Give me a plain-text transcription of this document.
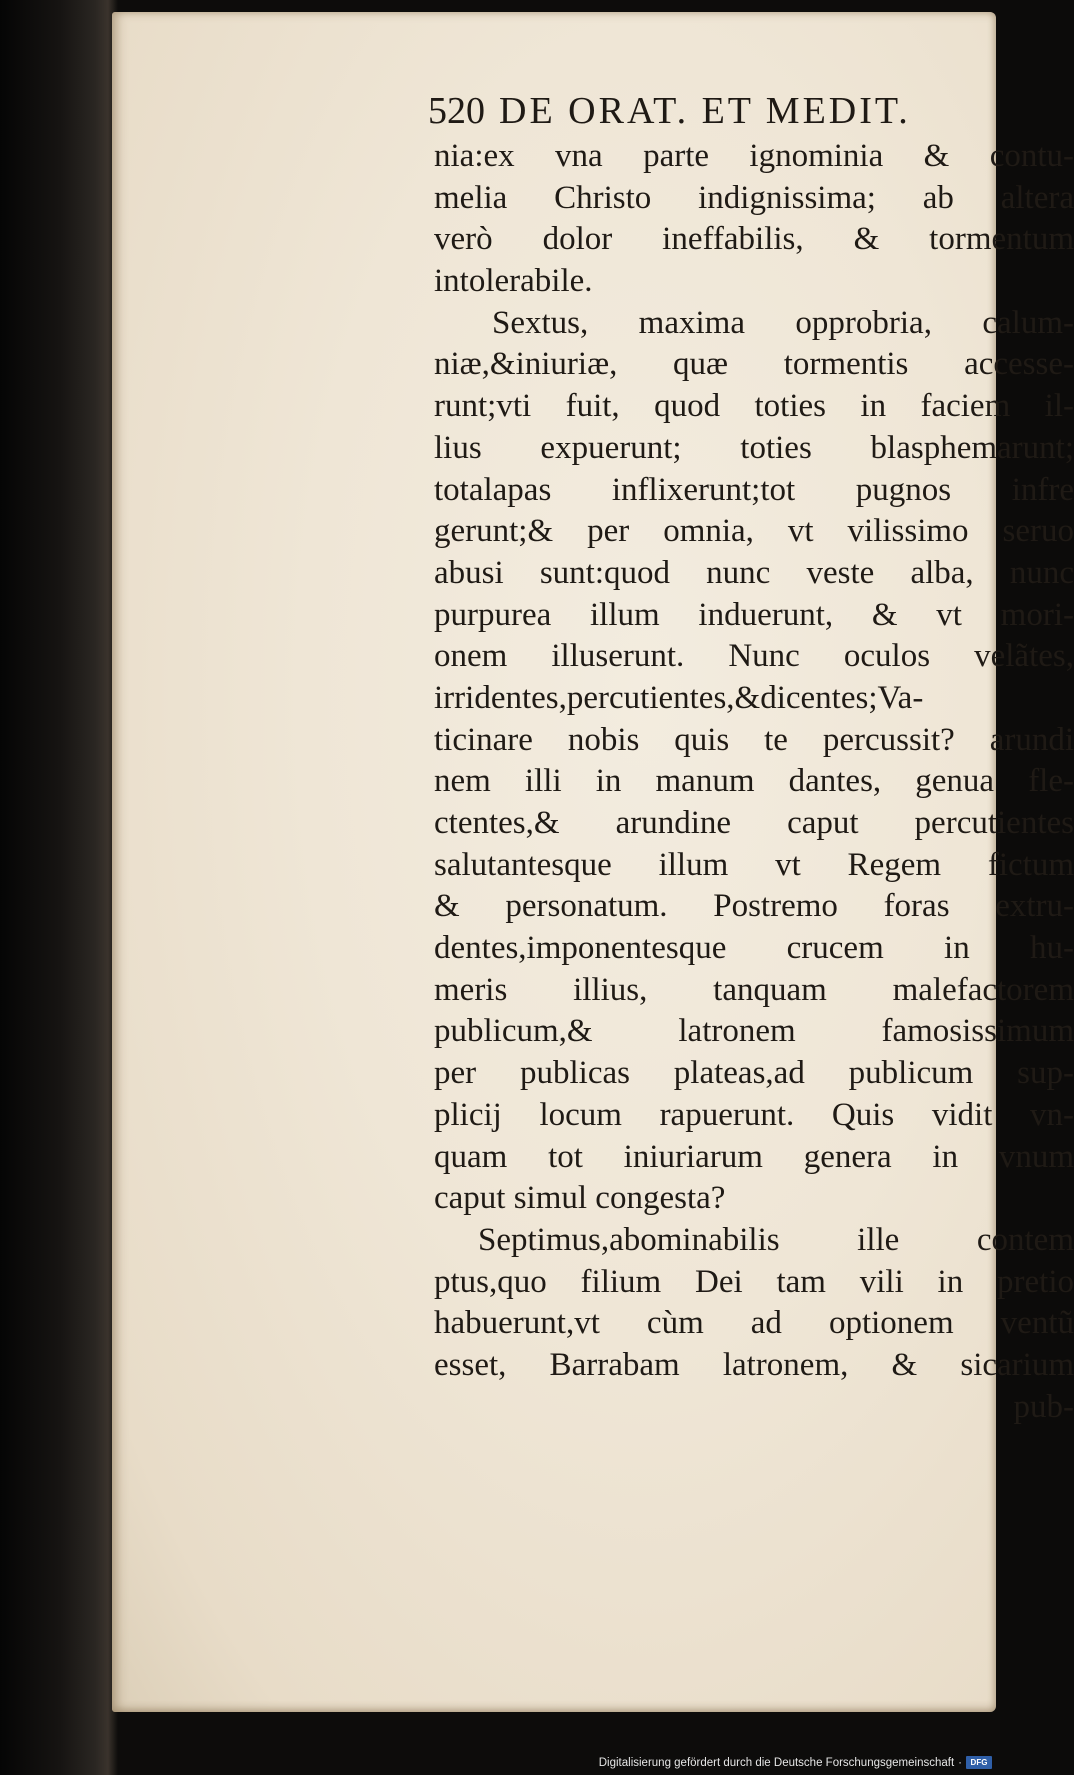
520 DE ORAT. ET MEDIT.
nia:ex vna parte ignominia & contu-
melia Christo indignissima; ab altera
verò dolor ineffabilis, & tormentum
intolerabile.
Sextus, maxima opprobria, calum-
niæ,&iniuriæ, quæ tormentis accesse-
runt;vti fuit, quod toties in faciem il-
lius expuerunt; toties blasphemarunt;
totalapas inflixerunt;tot pugnos infre
gerunt;& per omnia, vt vilissimo seruo
abusi sunt:quod nunc veste alba, nunc
purpurea illum induerunt, & vt mori-
onem illuserunt. Nunc oculos velãtes,
irridentes,percutientes,&dicentes;Va-
ticinare nobis quis te percussit? arundi
nem illi in manum dantes, genua fle-
ctentes,& arundine caput percutientes
salutantesque illum vt Regem fictum
& personatum. Postremo foras extru-
dentes,imponentesque crucem in hu-
meris illius, tanquam malefactorem
publicum,& latronem famosissimum
per publicas plateas,ad publicum sup-
plicij locum rapuerunt. Quis vidit vn-
quam tot iniuriarum genera in vnum
caput simul congesta?
Septimus,abominabilis ille contem
ptus,quo filium Dei tam vili in pretio
habuerunt,vt cùm ad optionem ventũ
esset, Barrabam latronem, & sicarium
pub-
Digitalisierung gefördert durch die Deutsche Forschungsgemeinschaft ·	DFG
